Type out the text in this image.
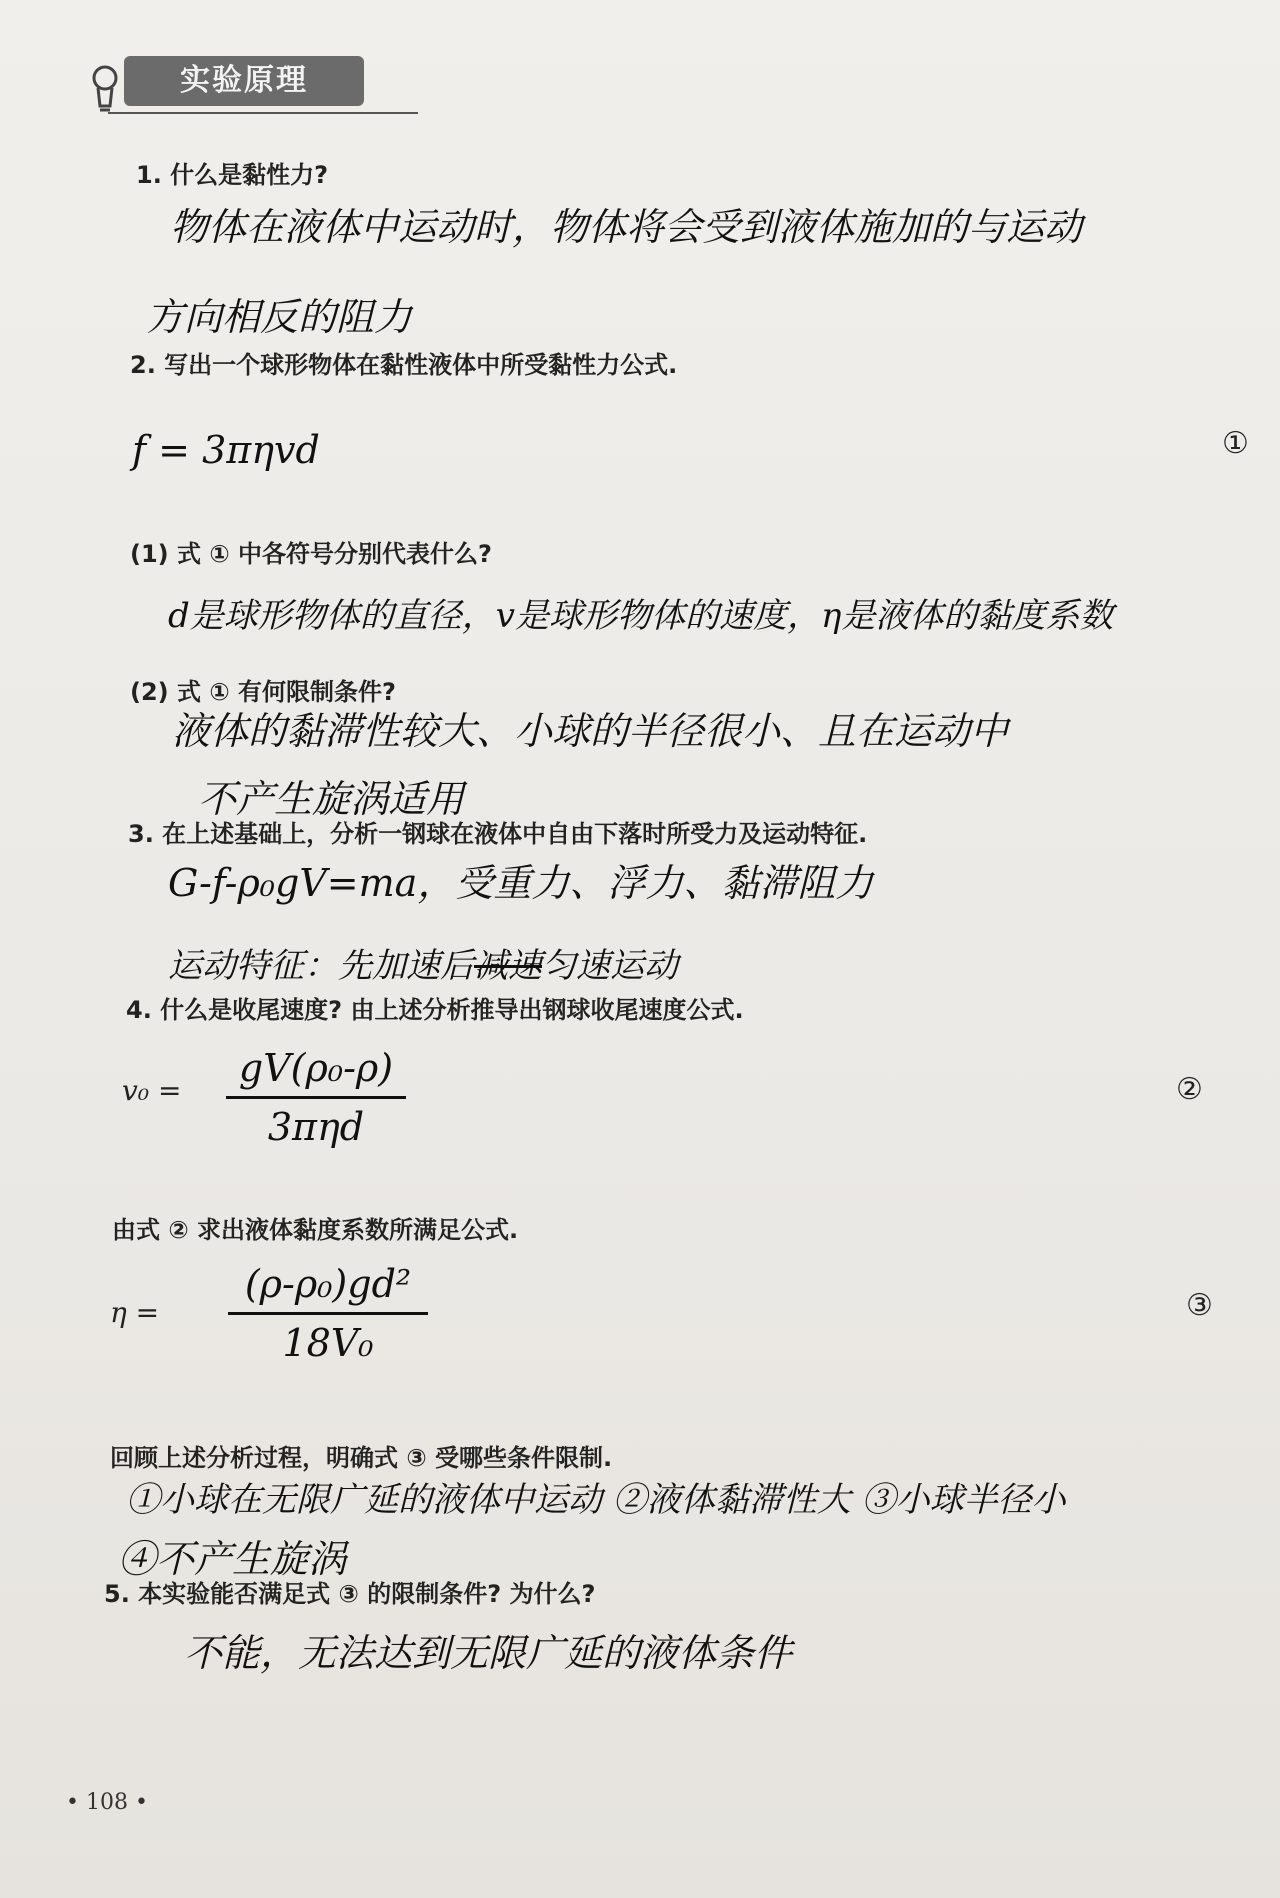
实验原理
1. 什么是黏性力?
物体在液体中运动时，物体将会受到液体施加的与运动
方向相反的阻力
2. 写出一个球形物体在黏性液体中所受黏性力公式.
f = 3πηvd	①
(1) 式 ① 中各符号分别代表什么?
d是球形物体的直径，v是球形物体的速度，η是液体的黏度系数
(2) 式 ① 有何限制条件?
液体的黏滞性较大、小球的半径很小、且在运动中
不产生旋涡适用
3. 在上述基础上，分析一钢球在液体中自由下落时所受力及运动特征.
G-f-ρ₀gV=ma，受重力、浮力、黏滞阻力
运动特征：先加速后减速匀速运动
4. 什么是收尾速度? 由上述分析推导出钢球收尾速度公式.
v₀ =
gV(ρ₀-ρ)
3πηd
②
由式 ② 求出液体黏度系数所满足公式.
η =
(ρ-ρ₀)gd²
18V₀
③
回顾上述分析过程，明确式 ③ 受哪些条件限制.
①小球在无限广延的液体中运动 ②液体黏滞性大 ③小球半径小
④不产生旋涡
5. 本实验能否满足式 ③ 的限制条件? 为什么?
不能，无法达到无限广延的液体条件
• 108 •
